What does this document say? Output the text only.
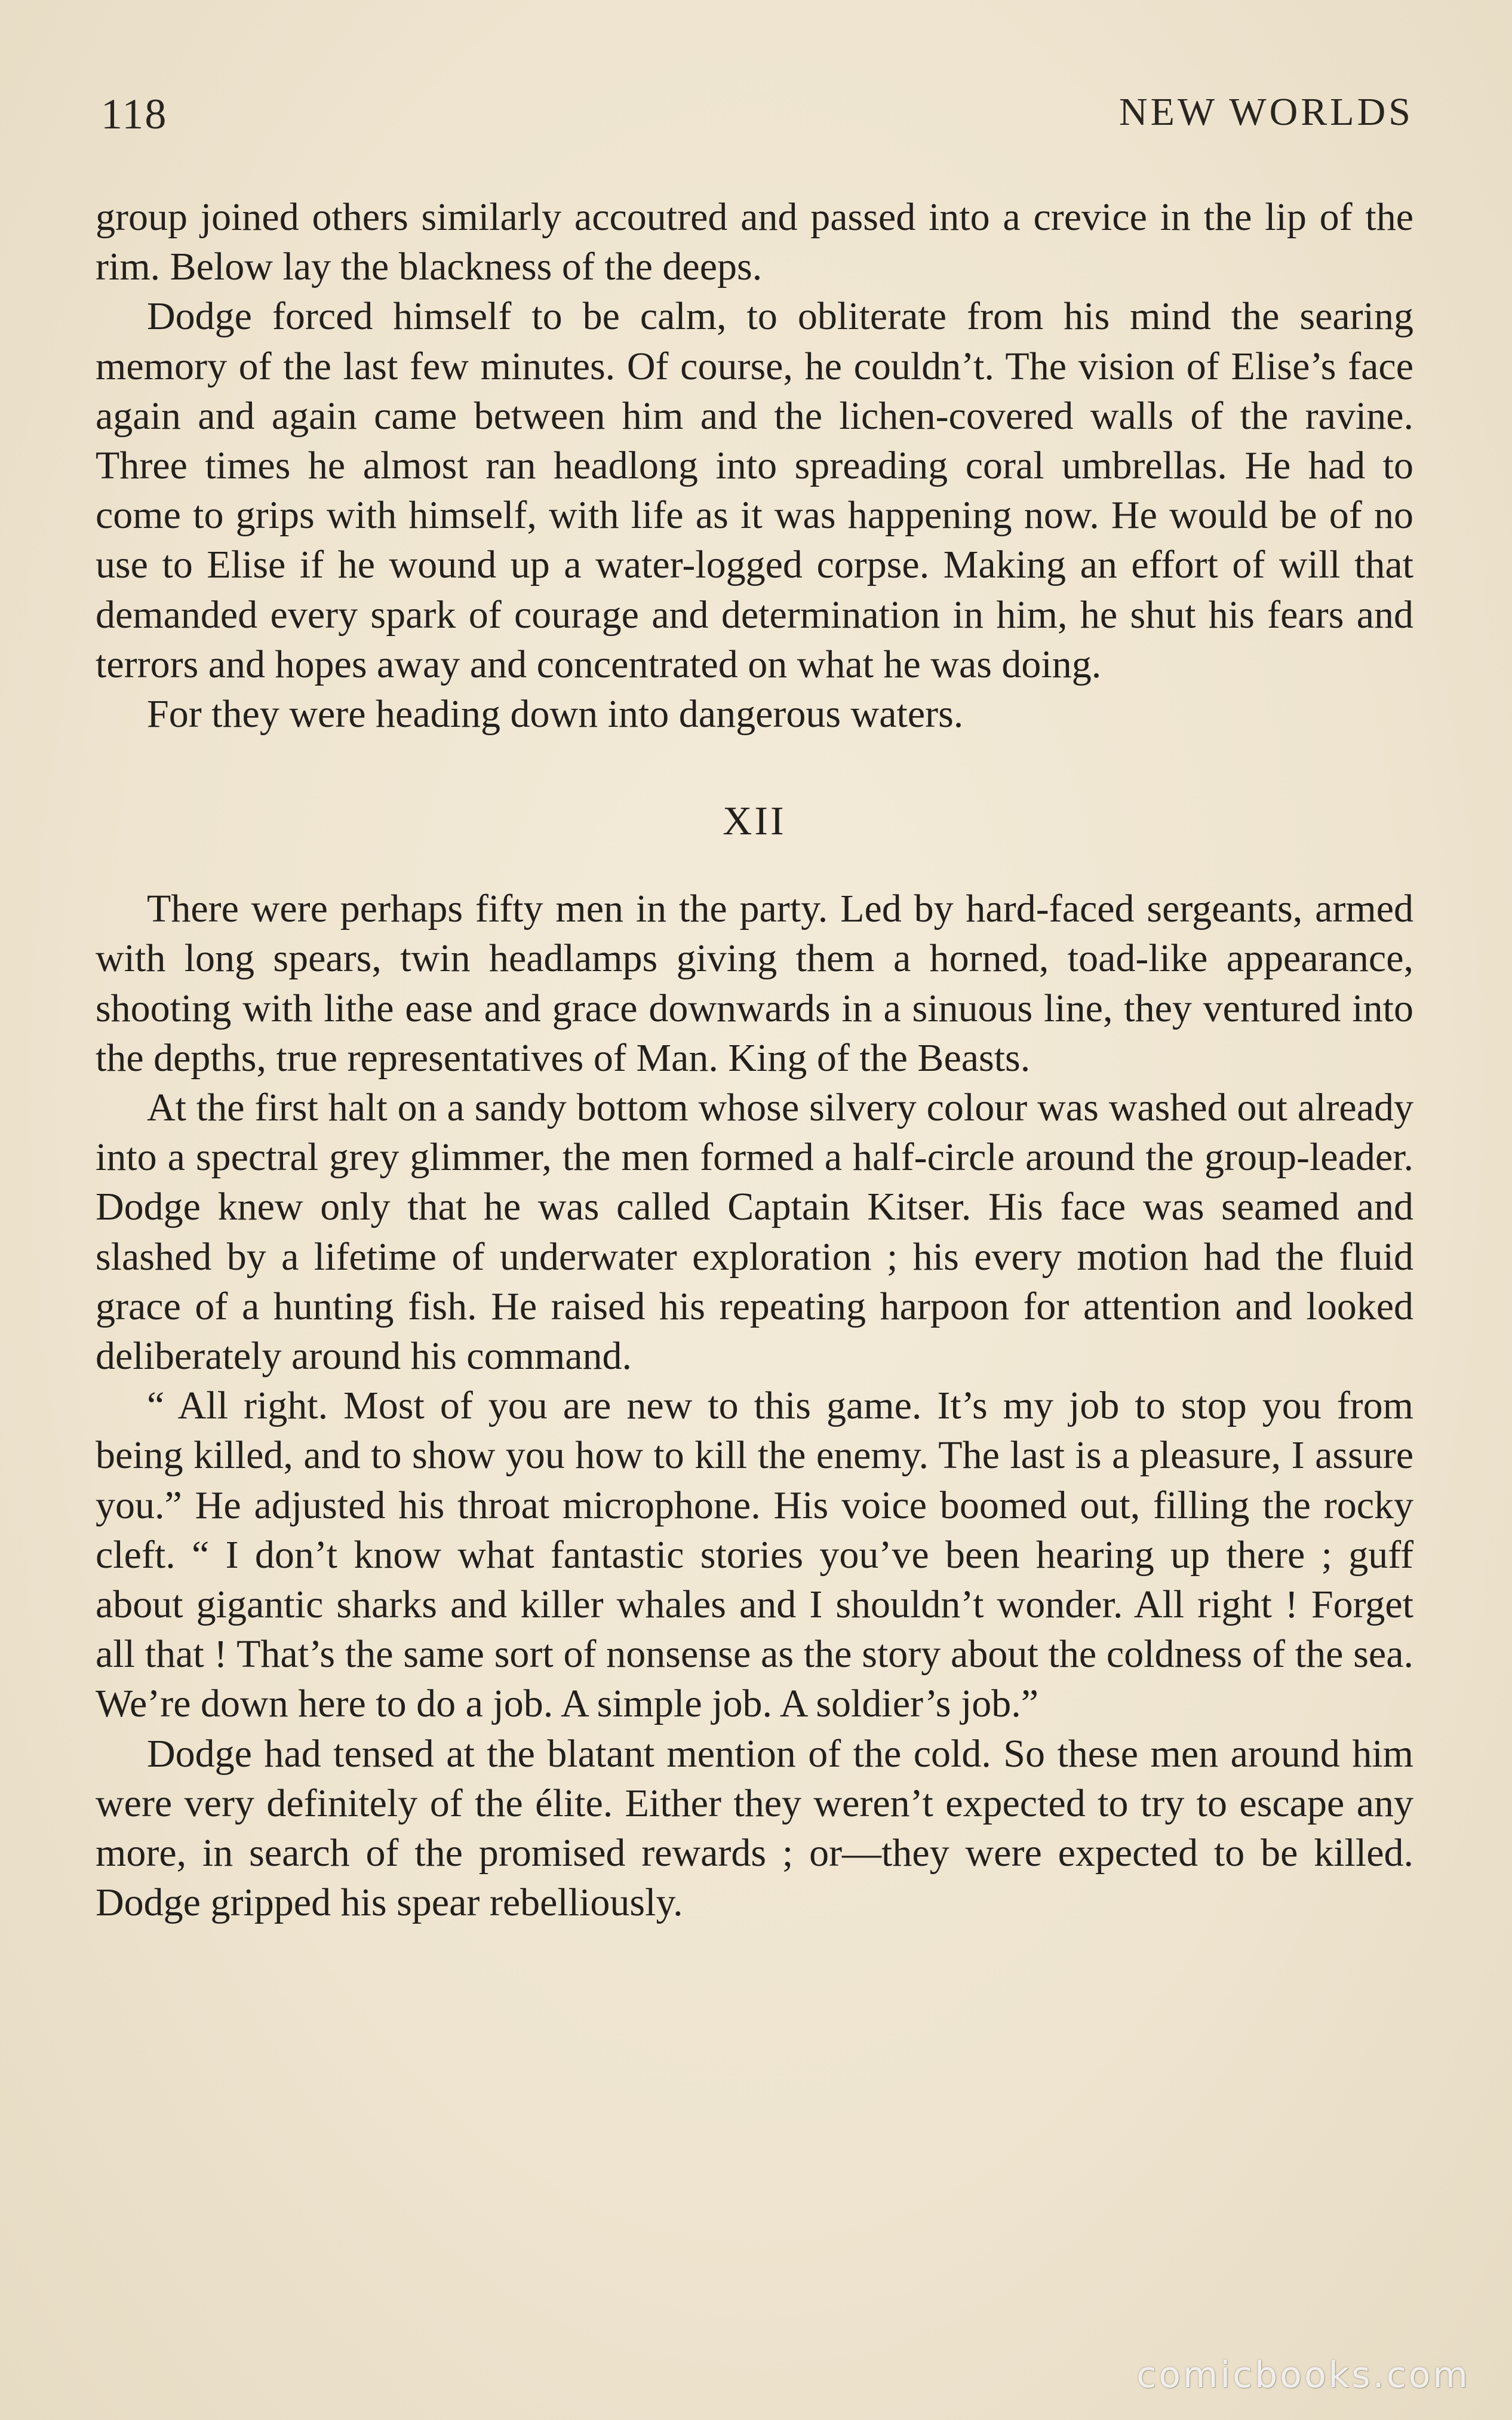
118	NEW WORLDS

group joined others similarly accoutred and passed into a crevice in the lip of the rim. Below lay the blackness of the deeps.

Dodge forced himself to be calm, to obliterate from his mind the searing memory of the last few minutes. Of course, he couldn’t. The vision of Elise’s face again and again came between him and the lichen-covered walls of the ravine. Three times he almost ran headlong into spreading coral umbrellas. He had to come to grips with himself, with life as it was happening now. He would be of no use to Elise if he wound up a water-logged corpse. Making an effort of will that demanded every spark of courage and determination in him, he shut his fears and terrors and hopes away and concentrated on what he was doing.

For they were heading down into dangerous waters.

XII

There were perhaps fifty men in the party. Led by hard-faced sergeants, armed with long spears, twin headlamps giving them a horned, toad-like appearance, shooting with lithe ease and grace downwards in a sinuous line, they ventured into the depths, true representatives of Man. King of the Beasts.

At the first halt on a sandy bottom whose silvery colour was washed out already into a spectral grey glimmer, the men formed a half-circle around the group-leader. Dodge knew only that he was called Captain Kitser. His face was seamed and slashed by a lifetime of underwater exploration ; his every motion had the fluid grace of a hunting fish. He raised his repeating harpoon for attention and looked deliberately around his command.

“ All right. Most of you are new to this game. It’s my job to stop you from being killed, and to show you how to kill the enemy. The last is a pleasure, I assure you.” He adjusted his throat microphone. His voice boomed out, filling the rocky cleft. “ I don’t know what fantastic stories you’ve been hearing up there ; guff about gigantic sharks and killer whales and I shouldn’t wonder. All right ! Forget all that ! That’s the same sort of nonsense as the story about the coldness of the sea. We’re down here to do a job. A simple job. A soldier’s job.”

Dodge had tensed at the blatant mention of the cold. So these men around him were very definitely of the élite. Either they weren’t expected to try to escape any more, in search of the promised rewards ; or—they were expected to be killed. Dodge gripped his spear rebelliously.

comicbooks.com
